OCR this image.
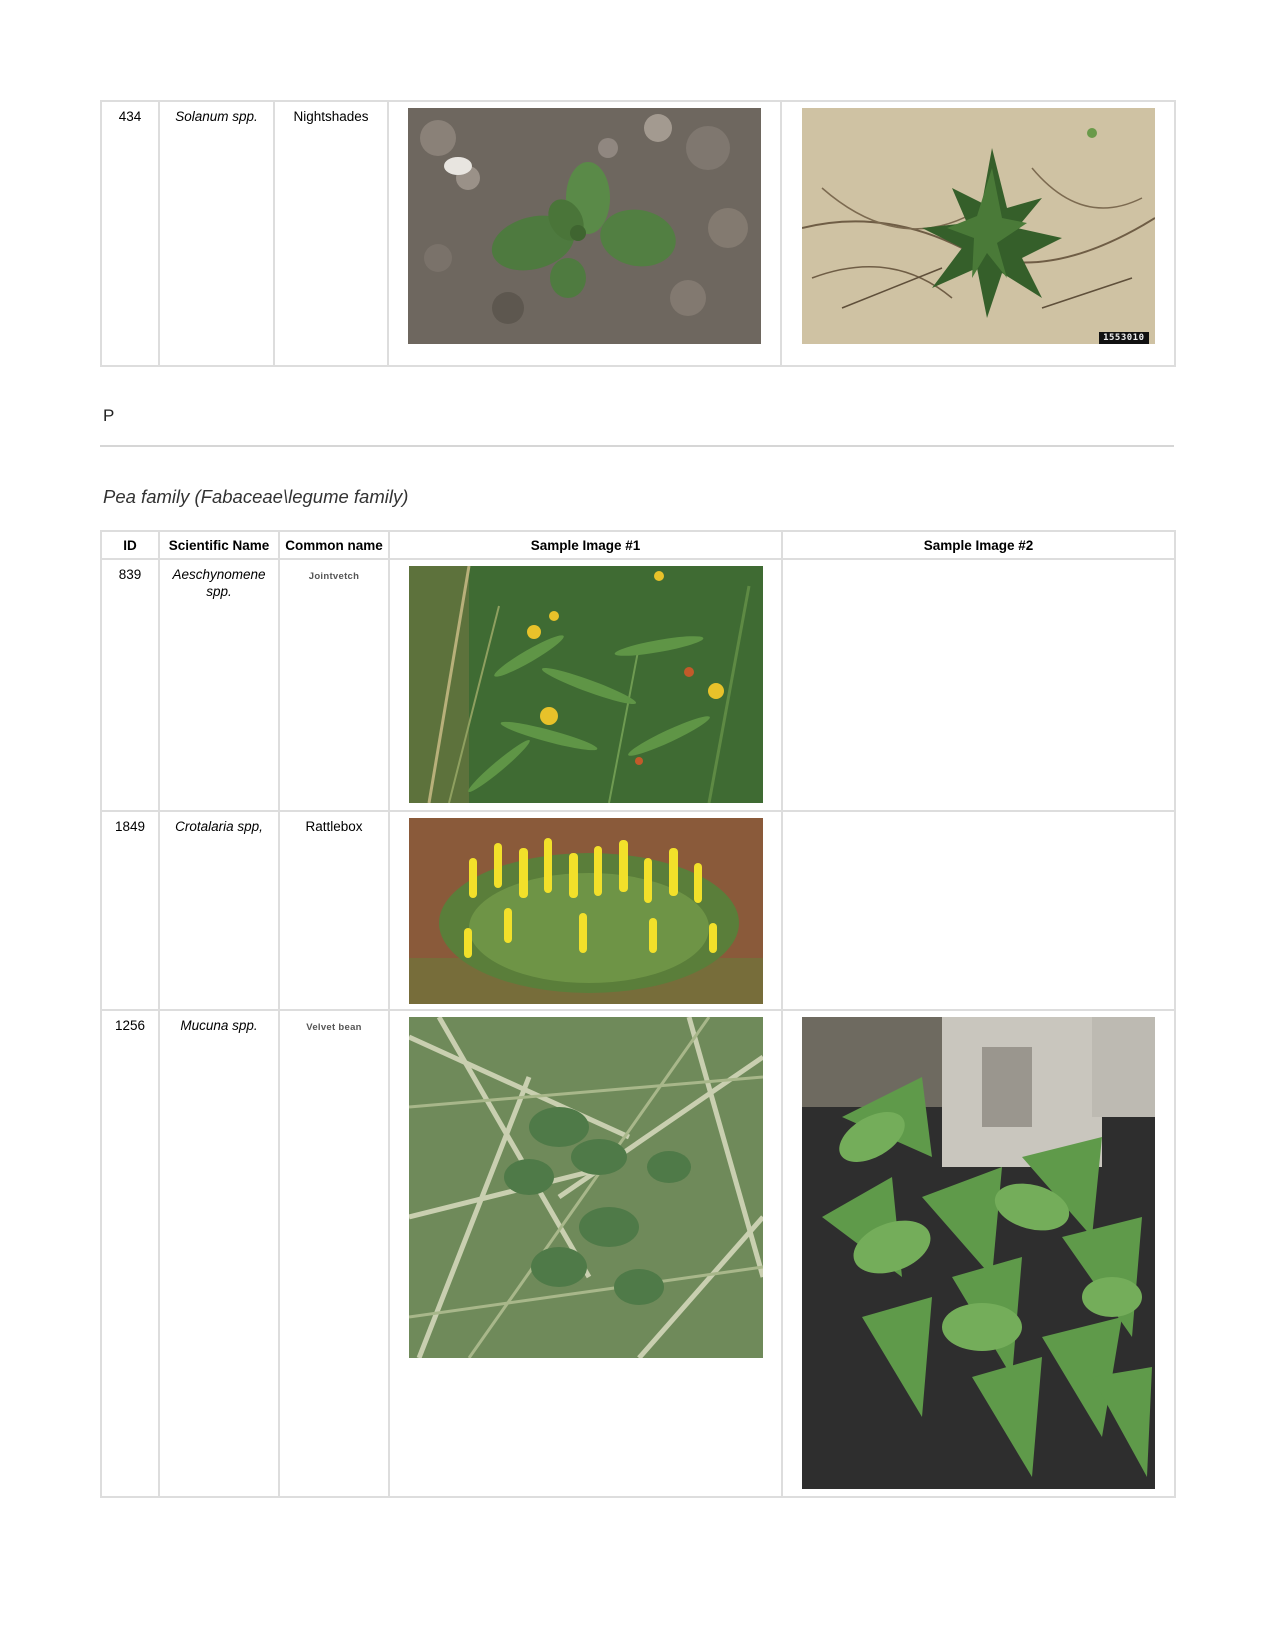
434	Solanum spp.	Nightshades		
1553010
P
Pea family (Fabaceae\legume family)
ID	Scientific Name	Common name	Sample Image #1	Sample Image #2
839	Aeschynomene spp.	Jointvetch		
1849	Crotalaria spp,	Rattlebox		
1256	Mucuna spp.	Velvet bean		
